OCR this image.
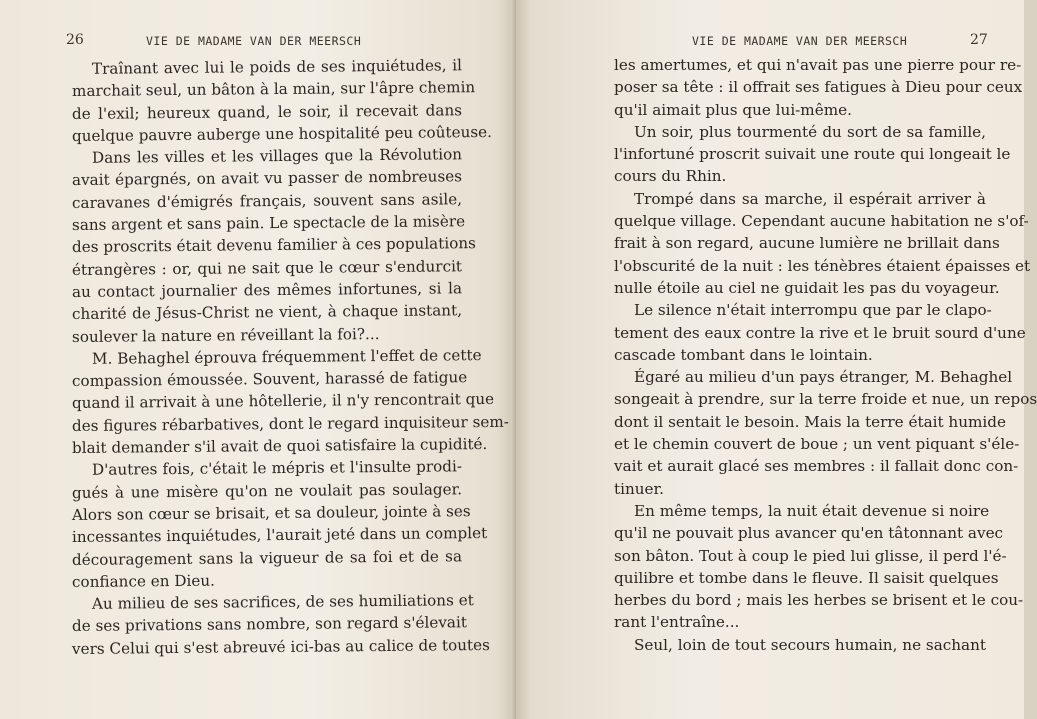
26	VIE DE MADAME VAN DER MEERSCH
Traînant avec lui le poids de ses inquiétudes, il
marchait seul, un bâton à la main, sur l'âpre chemin
de l'exil; heureux quand, le soir, il recevait dans
quelque pauvre auberge une hospitalité peu coûteuse.
Dans les villes et les villages que la Révolution
avait épargnés, on avait vu passer de nombreuses
caravanes d'émigrés français, souvent sans asile,
sans argent et sans pain. Le spectacle de la misère
des proscrits était devenu familier à ces populations
étrangères : or, qui ne sait que le cœur s'endurcit
au contact journalier des mêmes infortunes, si la
charité de Jésus-Christ ne vient, à chaque instant,
soulever la nature en réveillant la foi?...
M. Behaghel éprouva fréquemment l'effet de cette
compassion émoussée. Souvent, harassé de fatigue
quand il arrivait à une hôtellerie, il n'y rencontrait que
des figures rébarbatives, dont le regard inquisiteur sem-
blait demander s'il avait de quoi satisfaire la cupidité.
D'autres fois, c'était le mépris et l'insulte prodi-
gués à une misère qu'on ne voulait pas soulager.
Alors son cœur se brisait, et sa douleur, jointe à ses
incessantes inquiétudes, l'aurait jeté dans un complet
découragement sans la vigueur de sa foi et de sa
confiance en Dieu.
Au milieu de ses sacrifices, de ses humiliations et
de ses privations sans nombre, son regard s'élevait
vers Celui qui s'est abreuvé ici-bas au calice de toutes
VIE DE MADAME VAN DER MEERSCH	27
les amertumes, et qui n'avait pas une pierre pour re-
poser sa tête : il offrait ses fatigues à Dieu pour ceux
qu'il aimait plus que lui-même.
Un soir, plus tourmenté du sort de sa famille,
l'infortuné proscrit suivait une route qui longeait le
cours du Rhin.
Trompé dans sa marche, il espérait arriver à
quelque village. Cependant aucune habitation ne s'of-
frait à son regard, aucune lumière ne brillait dans
l'obscurité de la nuit : les ténèbres étaient épaisses et
nulle étoile au ciel ne guidait les pas du voyageur.
Le silence n'était interrompu que par le clapo-
tement des eaux contre la rive et le bruit sourd d'une
cascade tombant dans le lointain.
Égaré au milieu d'un pays étranger, M. Behaghel
songeait à prendre, sur la terre froide et nue, un repos
dont il sentait le besoin. Mais la terre était humide
et le chemin couvert de boue ; un vent piquant s'éle-
vait et aurait glacé ses membres : il fallait donc con-
tinuer.
En même temps, la nuit était devenue si noire
qu'il ne pouvait plus avancer qu'en tâtonnant avec
son bâton. Tout à coup le pied lui glisse, il perd l'é-
quilibre et tombe dans le fleuve. Il saisit quelques
herbes du bord ; mais les herbes se brisent et le cou-
rant l'entraîne...
Seul, loin de tout secours humain, ne sachant
